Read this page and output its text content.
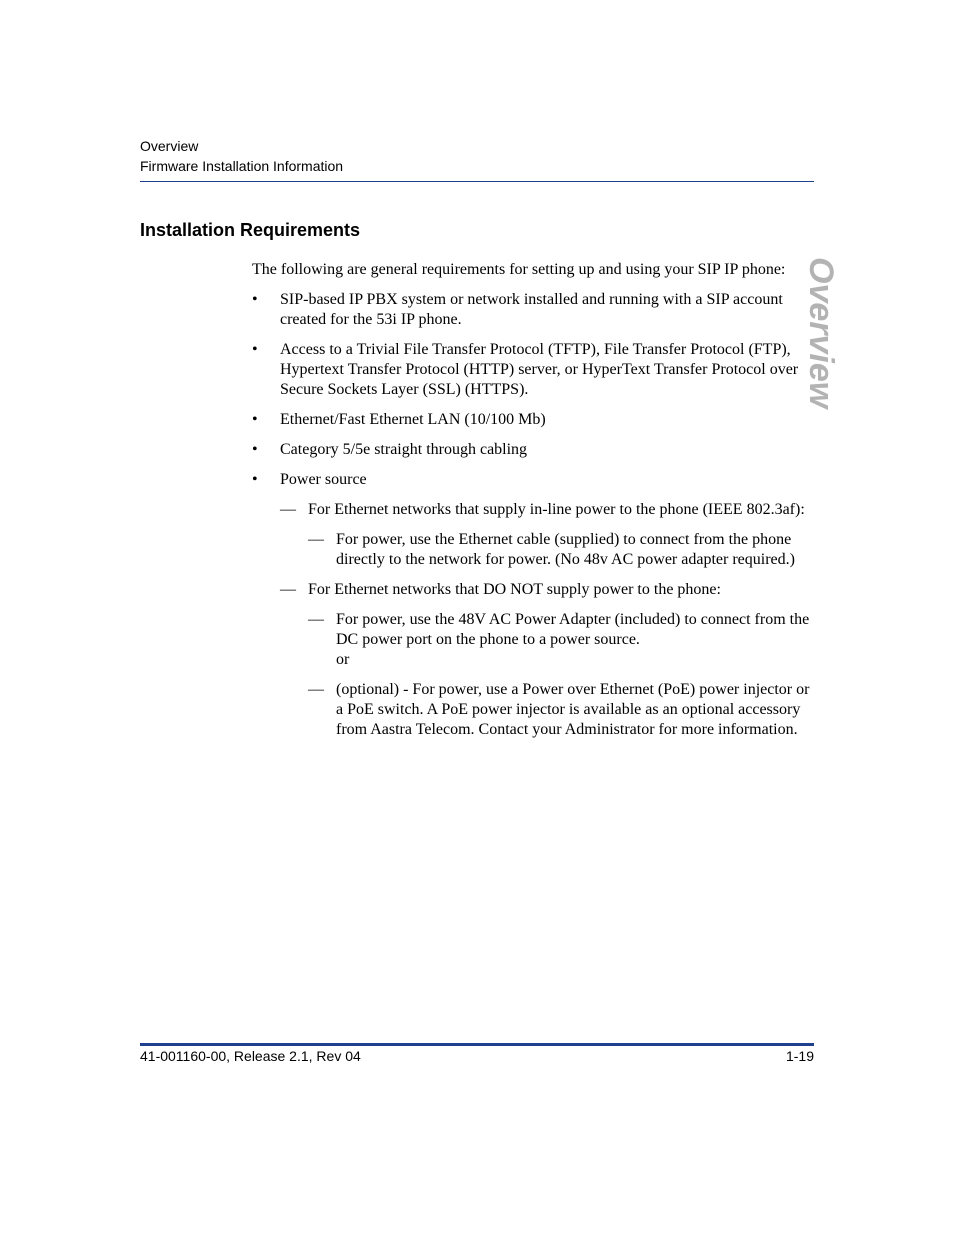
Overview
Firmware Installation Information
Installation Requirements

The following are general requirements for setting up and using your SIP IP phone:

•	SIP-based IP PBX system or network installed and running with a SIP account created for the 53i IP phone.
•	Access to a Trivial File Transfer Protocol (TFTP), File Transfer Protocol (FTP), Hypertext Transfer Protocol (HTTP) server, or HyperText Transfer Protocol over Secure Sockets Layer (SSL) (HTTPS).
•	Ethernet/Fast Ethernet LAN (10/100 Mb)
•	Category 5/5e straight through cabling
•	Power source
— For Ethernet networks that supply in-line power to the phone (IEEE 802.3af):
— For power, use the Ethernet cable (supplied) to connect from the phone directly to the network for power. (No 48v AC power adapter required.)
— For Ethernet networks that DO NOT supply power to the phone:
— For power, use the 48V AC Power Adapter (included) to connect from the DC power port on the phone to a power source.
or
— (optional) - For power, use a Power over Ethernet (PoE) power injector or a PoE switch. A PoE power injector is available as an optional accessory from Aastra Telecom. Contact your Administrator for more information.
Overview
41-001160-00, Release 2.1, Rev 04	1-19
